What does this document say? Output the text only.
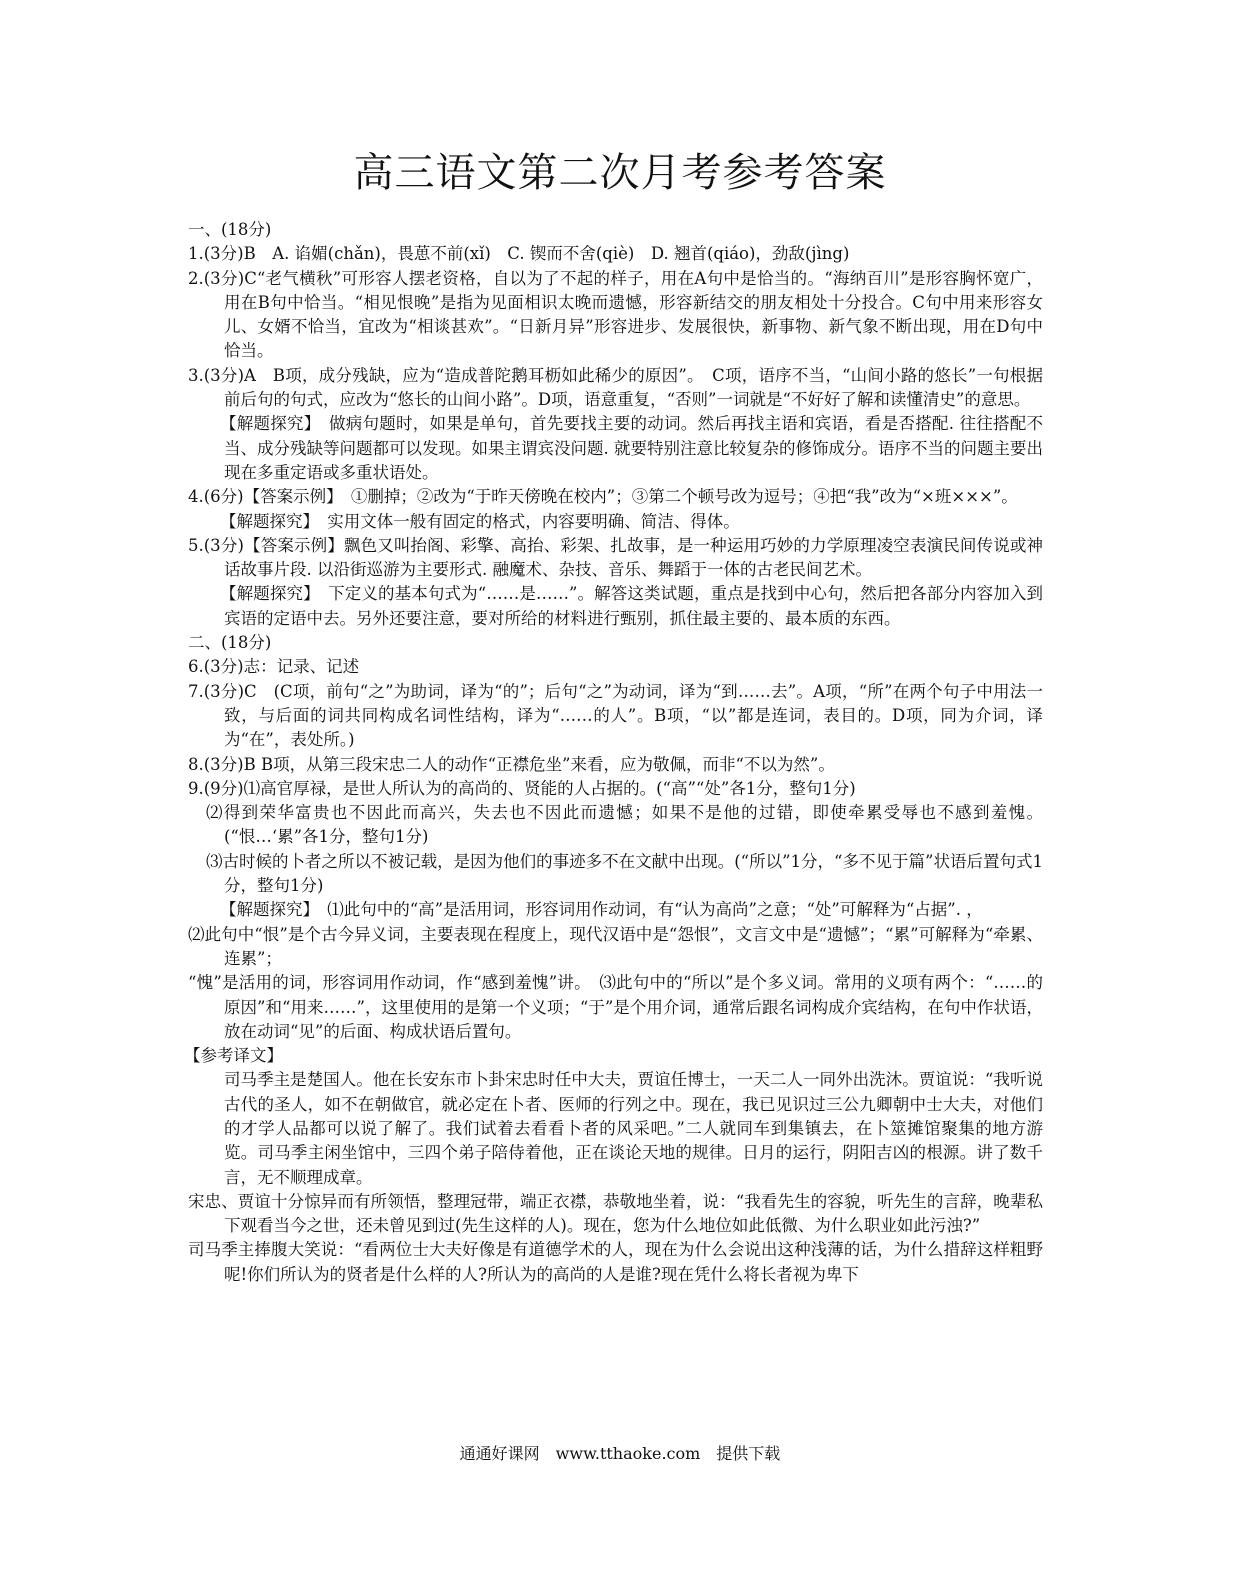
高三语文第二次月考参考答案

一、(18分)

1.(3分)B　A. 谄媚(chǎn)，畏葸不前(xǐ)　C. 锲而不舍(qiè)　D. 翘首(qiáo)，劲敌(jìng)

2.(3分)C“老气横秋”可形容人摆老资格，自以为了不起的样子，用在A句中是恰当的。“海纳百川”是形容胸怀宽广，用在B句中恰当。“相见恨晚”是指为见面相识太晚而遗憾，形容新结交的朋友相处十分投合。C句中用来形容女儿、女婿不恰当，宜改为“相谈甚欢”。“日新月异”形容进步、发展很快，新事物、新气象不断出现，用在D句中恰当。

3.(3分)A　B项，成分残缺，应为“造成普陀鹅耳枥如此稀少的原因”。　C项，语序不当，“山间小路的悠长”一句根据前后句的句式，应改为“悠长的山间小路”。D项，语意重复，“否则”一词就是“不好好了解和读懂清史”的意思。

【解题探究】　做病句题时，如果是单句，首先要找主要的动词。然后再找主语和宾语，看是否搭配. 往往搭配不当、成分残缺等问题都可以发现。如果主谓宾没问题. 就要特别注意比较复杂的修饰成分。语序不当的问题主要出现在多重定语或多重状语处。

4.(6分)【答案示例】　①删掉；②改为“于昨天傍晚在校内”；③第二个顿号改为逗号；④把“我”改为“×班×××”。

【解题探究】　实用文体一般有固定的格式，内容要明确、简洁、得体。

5.(3分)【答案示例】飘色又叫抬阁、彩擎、高抬、彩架、扎故事，是一种运用巧妙的力学原理凌空表演民间传说或神话故事片段. 以沿街巡游为主要形式. 融魔术、杂技、音乐、舞蹈于一体的古老民间艺术。

【解题探究】　下定义的基本句式为“……是……”。解答这类试题，重点是找到中心句，然后把各部分内容加入到宾语的定语中去。另外还要注意，要对所给的材料进行甄别，抓住最主要的、最本质的东西。

二、(18分)

6.(3分)志：记录、记述

7.(3分)C　(C项，前句“之”为助词，译为“的”；后句“之”为动词，译为“到……去”。A项，“所”在两个句子中用法一致，与后面的词共同构成名词性结构，译为“……的人”。B项，“以”都是连词，表目的。D项，同为介词，译为“在”，表处所。)

8.(3分)B B项，从第三段宋忠二人的动作“正襟危坐”来看，应为敬佩，而非“不以为然”。

9.(9分)⑴高官厚禄，是世人所认为的高尚的、贤能的人占据的。(“高”“处”各1分，整句1分)

⑵得到荣华富贵也不因此而高兴，失去也不因此而遗憾；如果不是他的过错，即使牵累受辱也不感到羞愧。(“恨…‘累”各1分，整句1分)

⑶古时候的卜者之所以不被记载，是因为他们的事迹多不在文献中出现。(“所以”1分，“多不见于篇”状语后置句式1分，整句1分)

【解题探究】　⑴此句中的“高”是活用词，形容词用作动词，有“认为高尚”之意；“处”可解释为“占据”. ，

⑵此句中“恨”是个古今异义词，主要表现在程度上，现代汉语中是“怨恨”，文言文中是“遗憾”；“累”可解释为“牵累、连累”；

“愧”是活用的词，形容词用作动词，作“感到羞愧”讲。　⑶此句中的“所以”是个多义词。常用的义项有两个：“……的原因”和“用来……”，这里使用的是第一个义项；“于”是个用介词，通常后跟名词构成介宾结构，在句中作状语，放在动词“见”的后面、构成状语后置句。

【参考译文】

司马季主是楚国人。他在长安东市卜卦宋忠时任中大夫，贾谊任博士，一天二人一同外出洗沐。贾谊说：“我听说古代的圣人，如不在朝做官，就必定在卜者、医师的行列之中。现在，我已见识过三公九卿朝中士大夫，对他们的才学人品都可以说了解了。我们试着去看看卜者的风采吧。”二人就同车到集镇去，在卜筮摊馆聚集的地方游览。司马季主闲坐馆中，三四个弟子陪侍着他，正在谈论天地的规律。日月的运行，阴阳吉凶的根源。讲了数千言，无不顺理成章。

宋忠、贾谊十分惊异而有所领悟，整理冠带，端正衣襟，恭敬地坐着，说：“我看先生的容貌，听先生的言辞，晚辈私下观看当今之世，还未曾见到过(先生这样的人)。现在，您为什么地位如此低微、为什么职业如此污浊?”

司马季主捧腹大笑说：“看两位士大夫好像是有道德学术的人，现在为什么会说出这种浅薄的话，为什么措辞这样粗野呢!你们所认为的贤者是什么样的人?所认为的高尚的人是谁?现在凭什么将长者视为卑下

通通好课网　www.tthaoke.com　提供下载
